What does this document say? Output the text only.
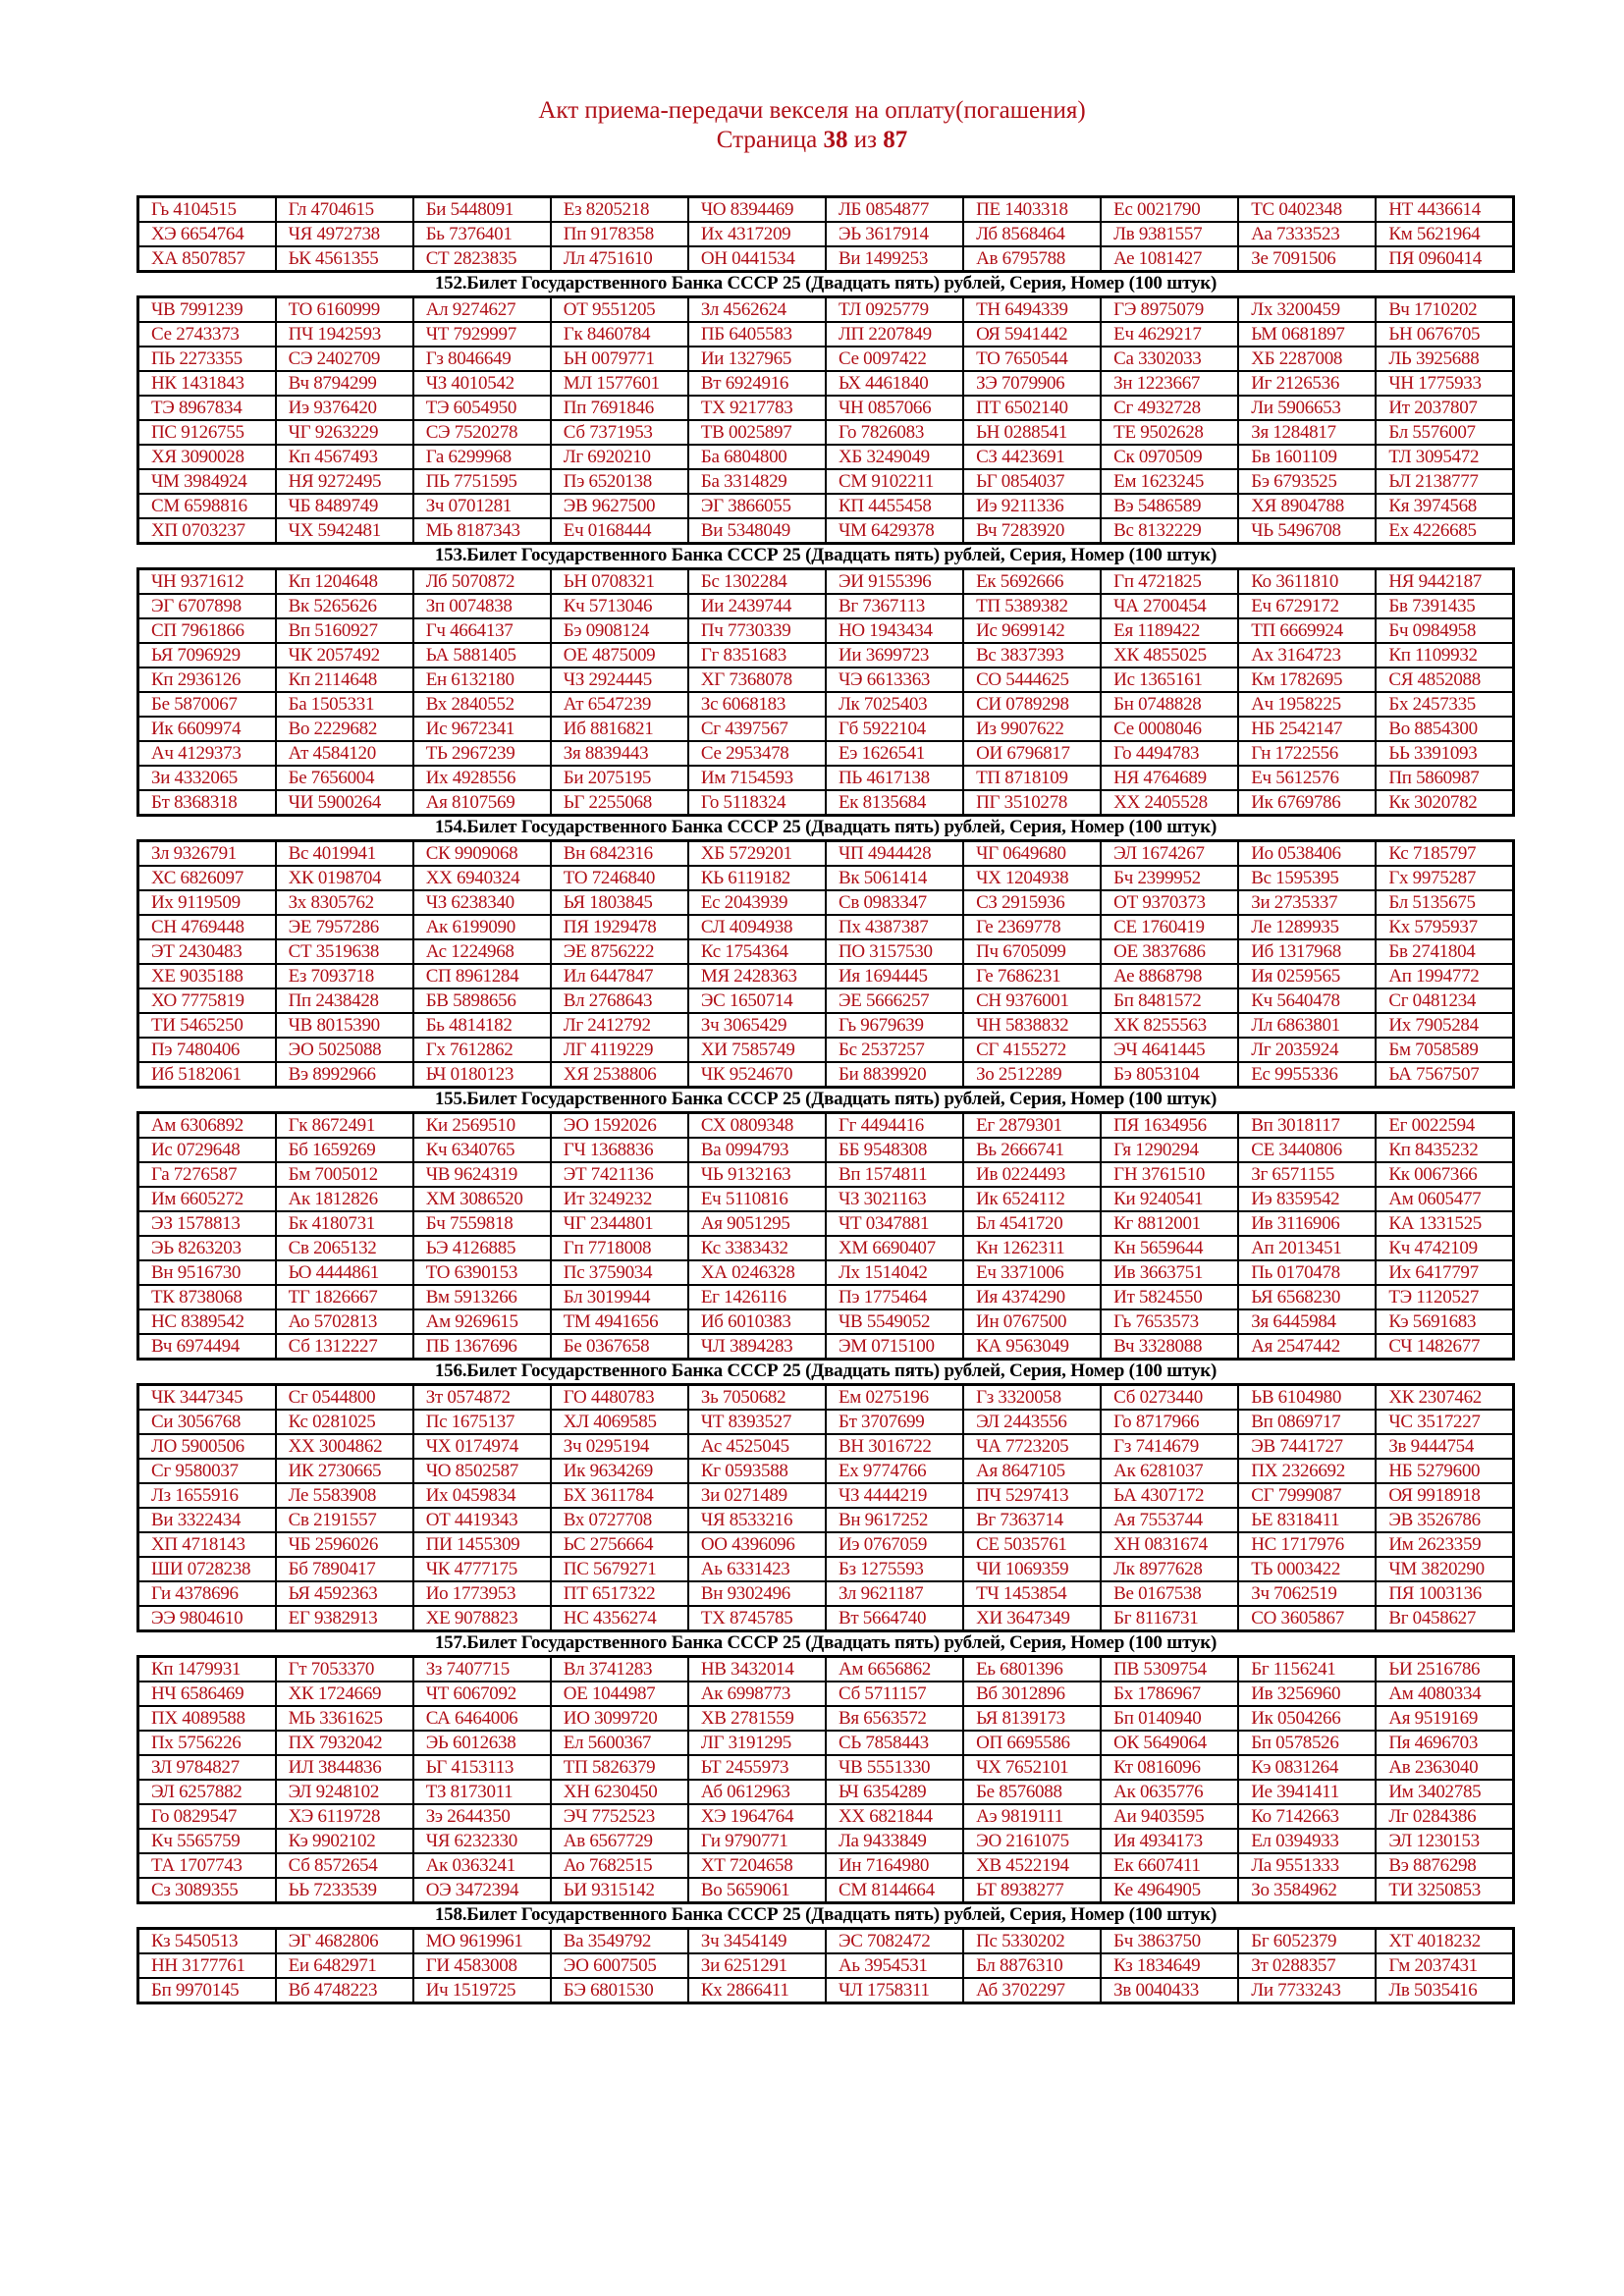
Акт приема-передачи векселя на оплату(погашения)
Страница 38 из 87
Гь 4104515	Гл 4704615	Би 5448091	Ез 8205218	ЧО 8394469	ЛБ 0854877	ПЕ 1403318	Ес 0021790	ТС 0402348	НТ 4436614
ХЭ 6654764	ЧЯ 4972738	Бь 7376401	Пп 9178358	Их 4317209	ЭЬ 3617914	Лб 8568464	Лв 9381557	Аа 7333523	Км 5621964
ХА 8507857	ЬК 4561355	СТ 2823835	Лл 4751610	ОН 0441534	Ви 1499253	Ав 6795788	Ае 1081427	Зе 7091506	ПЯ 0960414
152.Билет Государственного Банка СССР 25 (Двадцать пять) рублей, Серия, Номер (100 штук)
ЧВ 7991239	ТО 6160999	Ал 9274627	ОТ 9551205	Зл 4562624	ТЛ 0925779	ТН 6494339	ГЭ 8975079	Лх 3200459	Вч 1710202
Се 2743373	ПЧ 1942593	ЧТ 7929997	Гк 8460784	ПБ 6405583	ЛП 2207849	ОЯ 5941442	Еч 4629217	ЬМ 0681897	ЬН 0676705
ПЬ 2273355	СЭ 2402709	Гз 8046649	ЬН 0079771	Ии 1327965	Се 0097422	ТО 7650544	Са 3302033	ХБ 2287008	ЛЬ 3925688
НК 1431843	Вч 8794299	ЧЗ 4010542	МЛ 1577601	Вт 6924916	ЬХ 4461840	ЗЭ 7079906	Зн 1223667	Иг 2126536	ЧН 1775933
ТЭ 8967834	Иэ 9376420	ТЭ 6054950	Пп 7691846	ТХ 9217783	ЧН 0857066	ПТ 6502140	Сг 4932728	Ли 5906653	Ит 2037807
ПС 9126755	ЧГ 9263229	СЭ 7520278	Сб 7371953	ТВ 0025897	Го 7826083	ЬН 0288541	ТЕ 9502628	Зя 1284817	Бл 5576007
ХЯ 3090028	Кп 4567493	Га 6299968	Лг 6920210	Ба 6804800	ХБ 3249049	СЗ 4423691	Ск 0970509	Бв 1601109	ТЛ 3095472
ЧМ 3984924	НЯ 9272495	ПЬ 7751595	Пэ 6520138	Ба 3314829	СМ 9102211	ЬГ 0854037	Ем 1623245	Бэ 6793525	ЬЛ 2138777
СМ 6598816	ЧБ 8489749	Зч 0701281	ЭВ 9627500	ЭГ 3866055	КП 4455458	Иэ 9211336	Вэ 5486589	ХЯ 8904788	Кя 3974568
ХП 0703237	ЧХ 5942481	МЬ 8187343	Еч 0168444	Ви 5348049	ЧМ 6429378	Вч 7283920	Вс 8132229	ЧЬ 5496708	Ех 4226685
153.Билет Государственного Банка СССР 25 (Двадцать пять) рублей, Серия, Номер (100 штук)
ЧН 9371612	Кп 1204648	Лб 5070872	ЬН 0708321	Бс 1302284	ЭИ 9155396	Ек 5692666	Гп 4721825	Ко 3611810	НЯ 9442187
ЭГ 6707898	Вк 5265626	Зп 0074838	Кч 5713046	Ии 2439744	Вг 7367113	ТП 5389382	ЧА 2700454	Еч 6729172	Бв 7391435
СП 7961866	Вп 5160927	Гч 4664137	Бэ 0908124	Пч 7730339	НО 1943434	Ис 9699142	Ея 1189422	ТП 6669924	Бч 0984958
ЬЯ 7096929	ЧК 2057492	ЬА 5881405	ОЕ 4875009	Гг 8351683	Ии 3699723	Вс 3837393	ХК 4855025	Ах 3164723	Кп 1109932
Кп 2936126	Кп 2114648	Ен 6132180	ЧЗ 2924445	ХГ 7368078	ЧЭ 6613363	СО 5444625	Ис 1365161	Км 1782695	СЯ 4852088
Бе 5870067	Ба 1505331	Вх 2840552	Ат 6547239	Зс 6068183	Лк 7025403	СИ 0789298	Бн 0748828	Ач 1958225	Бх 2457335
Ик 6609974	Во 2229682	Ис 9672341	Иб 8816821	Сг 4397567	Гб 5922104	Из 9907622	Се 0008046	НБ 2542147	Во 8854300
Ач 4129373	Ат 4584120	ТЬ 2967239	Зя 8839443	Се 2953478	Еэ 1626541	ОИ 6796817	Го 4494783	Гн 1722556	ЬЬ 3391093
Зи 4332065	Бе 7656004	Их 4928556	Би 2075195	Им 7154593	ПЬ 4617138	ТП 8718109	НЯ 4764689	Еч 5612576	Пп 5860987
Бт 8368318	ЧИ 5900264	Ая 8107569	ЬГ 2255068	Го 5118324	Ек 8135684	ПГ 3510278	ХХ 2405528	Ик 6769786	Кк 3020782
154.Билет Государственного Банка СССР 25 (Двадцать пять) рублей, Серия, Номер (100 штук)
Зл 9326791	Вс 4019941	СК 9909068	Вн 6842316	ХБ 5729201	ЧП 4944428	ЧГ 0649680	ЭЛ 1674267	Ио 0538406	Кс 7185797
ХС 6826097	ХК 0198704	ХХ 6940324	ТО 7246840	КЬ 6119182	Вк 5061414	ЧХ 1204938	Бч 2399952	Вс 1595395	Гх 9975287
Их 9119509	Зх 8305762	ЧЗ 6238340	ЬЯ 1803845	Ес 2043939	Св 0983347	СЗ 2915936	ОТ 9370373	Зи 2735337	Бл 5135675
СН 4769448	ЭЕ 7957286	Ак 6199090	ПЯ 1929478	СЛ 4094938	Пх 4387387	Ге 2369778	СЕ 1760419	Ле 1289935	Кх 5795937
ЭТ 2430483	СТ 3519638	Ас 1224968	ЭЕ 8756222	Кс 1754364	ПО 3157530	Пч 6705099	ОЕ 3837686	Иб 1317968	Бв 2741804
ХЕ 9035188	Ез 7093718	СП 8961284	Ил 6447847	МЯ 2428363	Ия 1694445	Ге 7686231	Ае 8868798	Ия 0259565	Ап 1994772
ХО 7775819	Пп 2438428	БВ 5898656	Вл 2768643	ЭС 1650714	ЭЕ 5666257	СН 9376001	Бп 8481572	Кч 5640478	Сг 0481234
ТИ 5465250	ЧВ 8015390	Бь 4814182	Лг 2412792	Зч 3065429	Гь 9679639	ЧН 5838832	ХК 8255563	Лл 6863801	Их 7905284
Пэ 7480406	ЭО 5025088	Гх 7612862	ЛГ 4119229	ХИ 7585749	Бс 2537257	СГ 4155272	ЭЧ 4641445	Лг 2035924	Бм 7058589
Иб 5182061	Вэ 8992966	ЬЧ 0180123	ХЯ 2538806	ЧК 9524670	Би 8839920	Зо 2512289	Бэ 8053104	Ес 9955336	ЬА 7567507
155.Билет Государственного Банка СССР 25 (Двадцать пять) рублей, Серия, Номер (100 штук)
Ам 6306892	Гк 8672491	Ки 2569510	ЭО 1592026	СХ 0809348	Гг 4494416	Ег 2879301	ПЯ 1634956	Вп 3018117	Ег 0022594
Ис 0729648	Бб 1659269	Кч 6340765	ГЧ 1368836	Ва 0994793	ББ 9548308	Вь 2666741	Гя 1290294	СЕ 3440806	Кп 8435232
Га 7276587	Бм 7005012	ЧВ 9624319	ЭТ 7421136	ЧЬ 9132163	Вп 1574811	Ив 0224493	ГН 3761510	Зг 6571155	Кк 0067366
Им 6605272	Ак 1812826	ХМ 3086520	Ит 3249232	Еч 5110816	ЧЗ 3021163	Ик 6524112	Ки 9240541	Иэ 8359542	Ам 0605477
ЭЗ 1578813	Бк 4180731	Бч 7559818	ЧГ 2344801	Ая 9051295	ЧТ 0347881	Бл 4541720	Кг 8812001	Ив 3116906	КА 1331525
ЭЬ 8263203	Св 2065132	ЬЭ 4126885	Гп 7718008	Кс 3383432	ХМ 6690407	Кн 1262311	Кн 5659644	Ап 2013451	Кч 4742109
Вн 9516730	ЬО 4444861	ТО 6390153	Пс 3759034	ХА 0246328	Лх 1514042	Еч 3371006	Ив 3663751	Пь 0170478	Их 6417797
ТК 8738068	ТГ 1826667	Вм 5913266	Бл 3019944	Ег 1426116	Пэ 1775464	Ия 4374290	Ит 5824550	ЬЯ 6568230	ТЭ 1120527
НС 8389542	Ао 5702813	Ам 9269615	ТМ 4941656	Иб 6010383	ЧВ 5549052	Ин 0767500	Гь 7653573	Зя 6445984	Кэ 5691683
Вч 6974494	Сб 1312227	ПБ 1367696	Бе 0367658	ЧЛ 3894283	ЭМ 0715100	КА 9563049	Вч 3328088	Ая 2547442	СЧ 1482677
156.Билет Государственного Банка СССР 25 (Двадцать пять) рублей, Серия, Номер (100 штук)
ЧК 3447345	Сг 0544800	Зт 0574872	ГО 4480783	Зь 7050682	Ем 0275196	Гз 3320058	Сб 0273440	ЬВ 6104980	ХК 2307462
Си 3056768	Кс 0281025	Пс 1675137	ХЛ 4069585	ЧТ 8393527	Бт 3707699	ЭЛ 2443556	Го 8717966	Вп 0869717	ЧС 3517227
ЛО 5900506	ХХ 3004862	ЧХ 0174974	Зч 0295194	Ас 4525045	ВН 3016722	ЧА 7723205	Гз 7414679	ЭВ 7441727	Зв 9444754
Сг 9580037	ИК 2730665	ЧО 8502587	Ик 9634269	Кг 0593588	Ех 9774766	Ая 8647105	Ак 6281037	ПХ 2326692	НБ 5279600
Лз 1655916	Ле 5583908	Их 0459834	БХ 3611784	Зи 0271489	ЧЗ 4444219	ПЧ 5297413	ЬА 4307172	СГ 7999087	ОЯ 9918918
Ви 3322434	Св 2191557	ОТ 4419343	Вх 0727708	ЧЯ 8533216	Вн 9617252	Вг 7363714	Ая 7553744	ЬЕ 8318411	ЭВ 3526786
ХП 4718143	ЧБ 2596026	ПИ 1455309	ЬС 2756664	ОО 4396096	Иэ 0767059	СЕ 5035761	ХН 0831674	НС 1717976	Им 2623359
ШИ 0728238	Бб 7890417	ЧК 4777175	ПС 5679271	Аь 6331423	Бз 1275593	ЧИ 1069359	Лк 8977628	ТЬ 0003422	ЧМ 3820290
Ги 4378696	ЬЯ 4592363	Ио 1773953	ПТ 6517322	Вн 9302496	Зл 9621187	ТЧ 1453854	Ве 0167538	Зч 7062519	ПЯ 1003136
ЭЭ 9804610	ЕГ 9382913	ХЕ 9078823	НС 4356274	ТХ 8745785	Вт 5664740	ХИ 3647349	Бг 8116731	СО 3605867	Вг 0458627
157.Билет Государственного Банка СССР 25 (Двадцать пять) рублей, Серия, Номер (100 штук)
Кп 1479931	Гт 7053370	Зз 7407715	Вл 3741283	НВ 3432014	Ам 6656862	Еь 6801396	ПВ 5309754	Бг 1156241	ЬИ 2516786
НЧ 6586469	ХК 1724669	ЧТ 6067092	ОЕ 1044987	Ак 6998773	Сб 5711157	Вб 3012896	Бх 1786967	Ив 3256960	Ам 4080334
ПХ 4089588	МЬ 3361625	СА 6464006	ИО 3099720	ХВ 2781559	Вя 6563572	ЬЯ 8139173	Бп 0140940	Ик 0504266	Ая 9519169
Пх 5756226	ПХ 7932042	ЭЬ 6012638	Ел 5600367	ЛГ 3191295	СЬ 7858443	ОП 6695586	ОК 5649064	Бп 0578526	Пя 4696703
ЗЛ 9784827	ИЛ 3844836	ЬГ 4153113	ТП 5826379	ЬТ 2455973	ЧВ 5551330	ЧХ 7652101	Кт 0816096	Кэ 0831264	Ав 2363040
ЭЛ 6257882	ЭЛ 9248102	ТЗ 8173011	ХН 6230450	Аб 0612963	ЬЧ 6354289	Бе 8576088	Ак 0635776	Ие 3941411	Им 3402785
Го 0829547	ХЭ 6119728	Зэ 2644350	ЭЧ 7752523	ХЭ 1964764	ХХ 6821844	Аэ 9819111	Аи 9403595	Ко 7142663	Лг 0284386
Кч 5565759	Кэ 9902102	ЧЯ 6232330	Ав 6567729	Ги 9790771	Ла 9433849	ЭО 2161075	Ия 4934173	Ел 0394933	ЭЛ 1230153
ТА 1707743	Сб 8572654	Ак 0363241	Ао 7682515	ХТ 7204658	Ин 7164980	ХВ 4522194	Ек 6607411	Ла 9551333	Вэ 8876298
Сз 3089355	ЬЬ 7233539	ОЭ 3472394	ЬИ 9315142	Во 5659061	СМ 8144664	ЬТ 8938277	Ке 4964905	Зо 3584962	ТИ 3250853
158.Билет Государственного Банка СССР 25 (Двадцать пять) рублей, Серия, Номер (100 штук)
Кз 5450513	ЭГ 4682806	МО 9619961	Ва 3549792	Зч 3454149	ЭС 7082472	Пс 5330202	Бч 3863750	Бг 6052379	ХТ 4018232
НН 3177761	Еи 6482971	ГИ 4583008	ЭО 6007505	Зи 6251291	Аь 3954531	Бл 8876310	Кз 1834649	Зт 0288357	Гм 2037431
Бп 9970145	Вб 4748223	Ич 1519725	БЭ 6801530	Кх 2866411	ЧЛ 1758311	Аб 3702297	Зв 0040433	Ли 7733243	Лв 5035416
